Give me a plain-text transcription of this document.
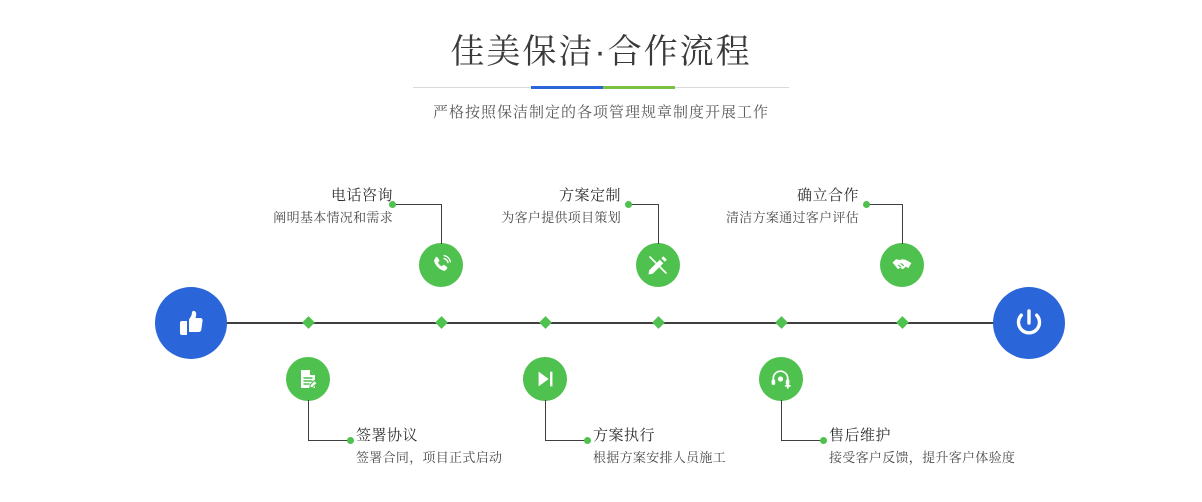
佳美保洁·合作流程

严格按照保洁制定的各项管理规章制度开展工作

电话咨询
阐明基本情况和需求
签署协议
签署合同，项目正式启动
方案定制
为客户提供项目策划
方案执行
根据方案安排人员施工
售后维护
接受客户反馈，提升客户体验度
确立合作
清洁方案通过客户评估
